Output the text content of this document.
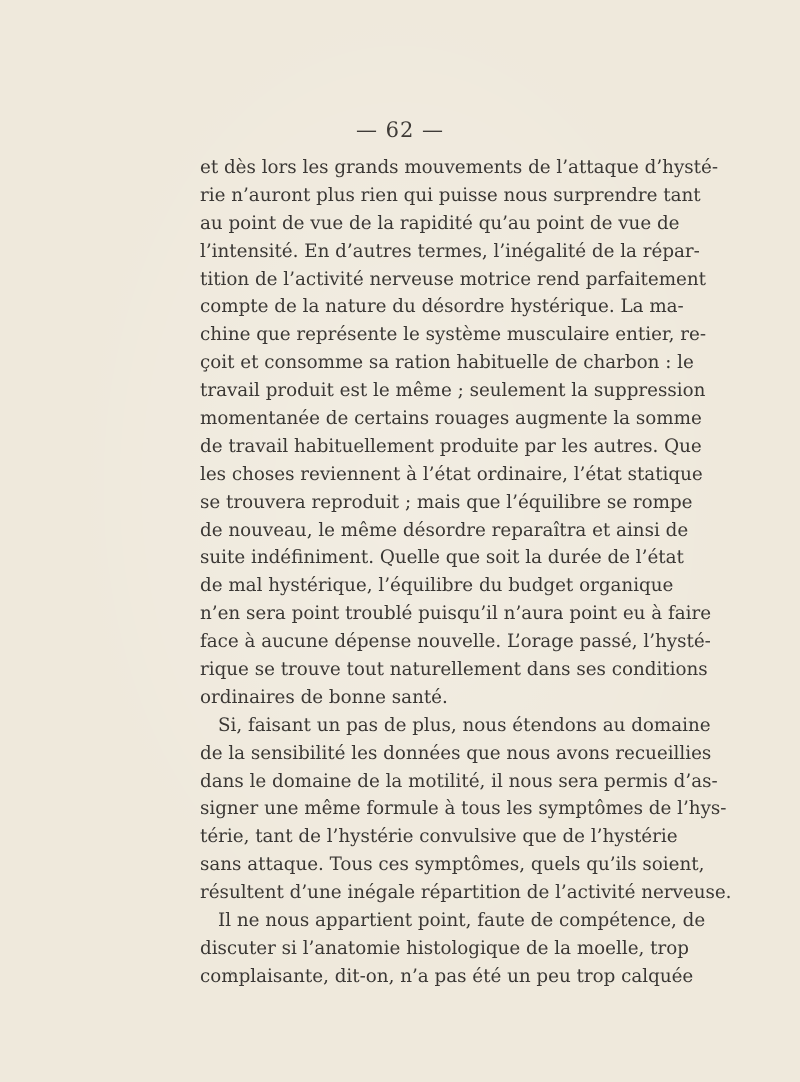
— 62 —
et dès lors les grands mouvements de l’attaque d’hysté-
rie n’auront plus rien qui puisse nous surprendre tant
au point de vue de la rapidité qu’au point de vue de
l’intensité. En d’autres termes, l’inégalité de la répar-
tition de l’activité nerveuse motrice rend parfaitement
compte de la nature du désordre hystérique. La ma-
chine que représente le système musculaire entier, re-
çoit et consomme sa ration habituelle de charbon : le
travail produit est le même ; seulement la suppression
momentanée de certains rouages augmente la somme
de travail habituellement produite par les autres. Que
les choses reviennent à l’état ordinaire, l’état statique
se trouvera reproduit ; mais que l’équilibre se rompe
de nouveau, le même désordre reparaîtra et ainsi de
suite indéfiniment. Quelle que soit la durée de l’état
de mal hystérique, l’équilibre du budget organique
n’en sera point troublé puisqu’il n’aura point eu à faire
face à aucune dépense nouvelle. L’orage passé, l’hysté-
rique se trouve tout naturellement dans ses conditions
ordinaires de bonne santé.
Si, faisant un pas de plus, nous étendons au domaine
de la sensibilité les données que nous avons recueillies
dans le domaine de la motilité, il nous sera permis d’as-
signer une même formule à tous les symptômes de l’hys-
térie, tant de l’hystérie convulsive que de l’hystérie
sans attaque. Tous ces symptômes, quels qu’ils soient,
résultent d’une inégale répartition de l’activité nerveuse.
Il ne nous appartient point, faute de compétence, de
discuter si l’anatomie histologique de la moelle, trop
complaisante, dit-on, n’a pas été un peu trop calquée
